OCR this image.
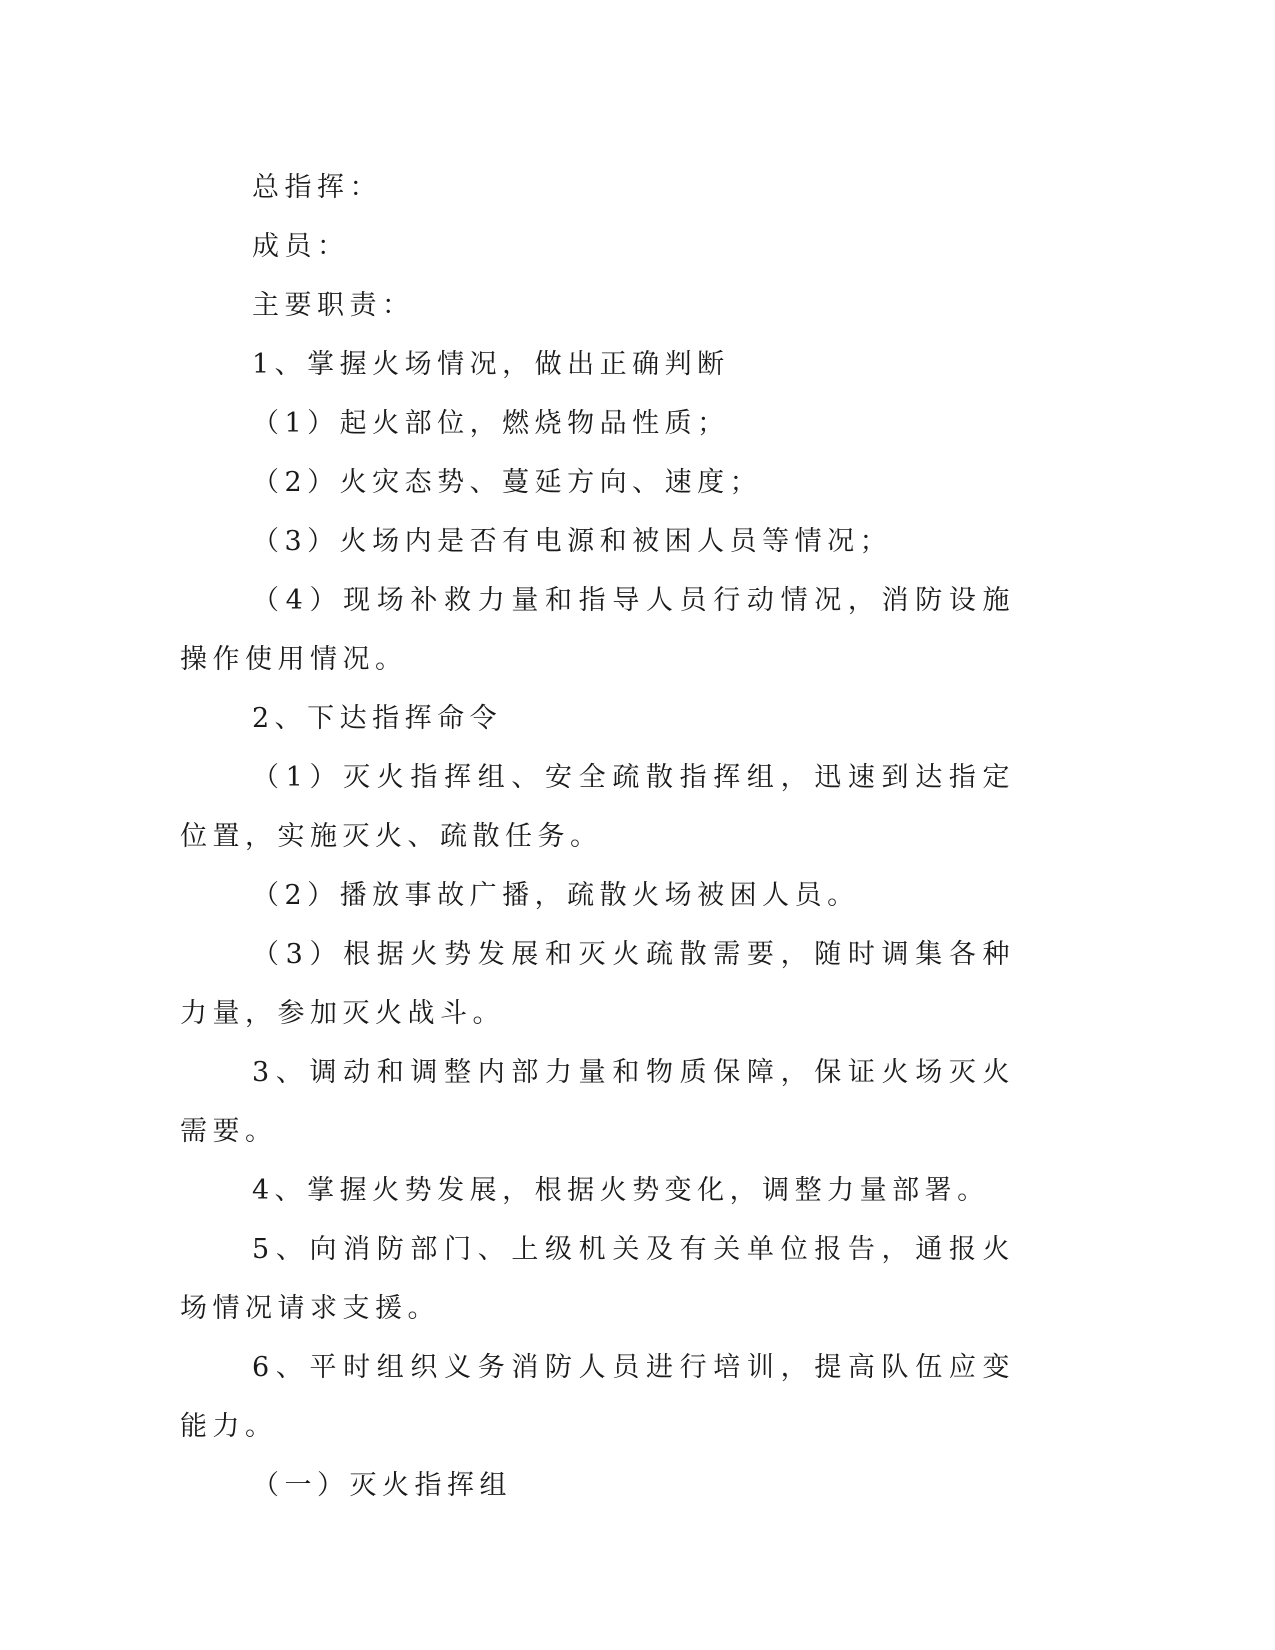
总指挥：

成员：

主要职责：

1、掌握火场情况，做出正确判断

（1）起火部位，燃烧物品性质；

（2）火灾态势、蔓延方向、速度；

（3）火场内是否有电源和被困人员等情况；

（4）现场补救力量和指导人员行动情况，消防设施操作使用情况。

2、下达指挥命令

（1）灭火指挥组、安全疏散指挥组，迅速到达指定位置，实施灭火、疏散任务。

（2）播放事故广播，疏散火场被困人员。

（3）根据火势发展和灭火疏散需要，随时调集各种力量，参加灭火战斗。

3、调动和调整内部力量和物质保障，保证火场灭火需要。

4、掌握火势发展，根据火势变化，调整力量部署。

5、向消防部门、上级机关及有关单位报告，通报火场情况请求支援。

6、平时组织义务消防人员进行培训，提高队伍应变能力。

（一）灭火指挥组
